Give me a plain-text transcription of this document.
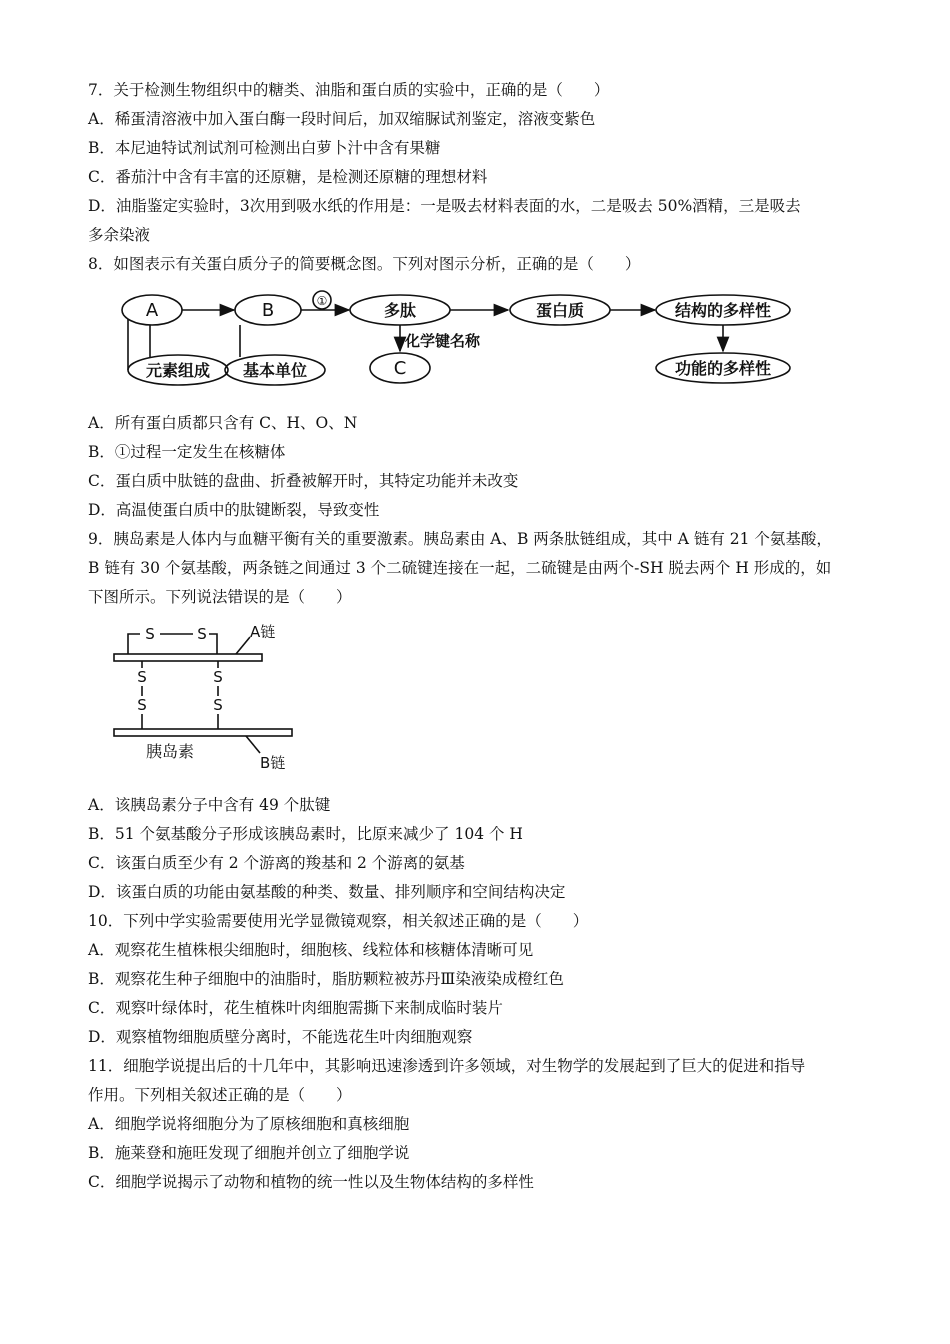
7．关于检测生物组织中的糖类、油脂和蛋白质的实验中，正确的是（　　）
A．稀蛋清溶液中加入蛋白酶一段时间后，加双缩脲试剂鉴定，溶液变紫色
B．本尼迪特试剂试剂可检测出白萝卜汁中含有果糖
C．番茄汁中含有丰富的还原糖，是检测还原糖的理想材料
D．油脂鉴定实验时，3次用到吸水纸的作用是：一是吸去材料表面的水，二是吸去 50%酒精，三是吸去
多余染液
8．如图表示有关蛋白质分子的简要概念图。下列对图示分析，正确的是（　　）
A	B	①	多肽	蛋白质	结构的多样性
化学键名称
元素组成 基本单位	C	功能的多样性
A．所有蛋白质都只含有 C、H、O、N
B．①过程一定发生在核糖体
C．蛋白质中肽链的盘曲、折叠被解开时，其特定功能并未改变
D．高温使蛋白质中的肽键断裂，导致变性
9．胰岛素是人体内与血糖平衡有关的重要激素。胰岛素由 A、B 两条肽链组成，其中 A 链有 21 个氨基酸，
B 链有 30 个氨基酸，两条链之间通过 3 个二硫键连接在一起，二硫键是由两个-SH 脱去两个 H 形成的，如
下图所示。下列说法错误的是（　　）
S	S
S
S
S
S
A链
胰岛素
B链
A．该胰岛素分子中含有 49 个肽键
B．51 个氨基酸分子形成该胰岛素时，比原来减少了 104 个 H
C．该蛋白质至少有 2 个游离的羧基和 2 个游离的氨基
D．该蛋白质的功能由氨基酸的种类、数量、排列顺序和空间结构决定
10．下列中学实验需要使用光学显微镜观察，相关叙述正确的是（　　）
A．观察花生植株根尖细胞时，细胞核、线粒体和核糖体清晰可见
B．观察花生种子细胞中的油脂时，脂肪颗粒被苏丹Ⅲ染液染成橙红色
C．观察叶绿体时，花生植株叶肉细胞需撕下来制成临时装片
D．观察植物细胞质壁分离时，不能选花生叶肉细胞观察
11．细胞学说提出后的十几年中，其影响迅速渗透到许多领域，对生物学的发展起到了巨大的促进和指导
作用。下列相关叙述正确的是（　　）
A．细胞学说将细胞分为了原核细胞和真核细胞
B．施莱登和施旺发现了细胞并创立了细胞学说
C．细胞学说揭示了动物和植物的统一性以及生物体结构的多样性
